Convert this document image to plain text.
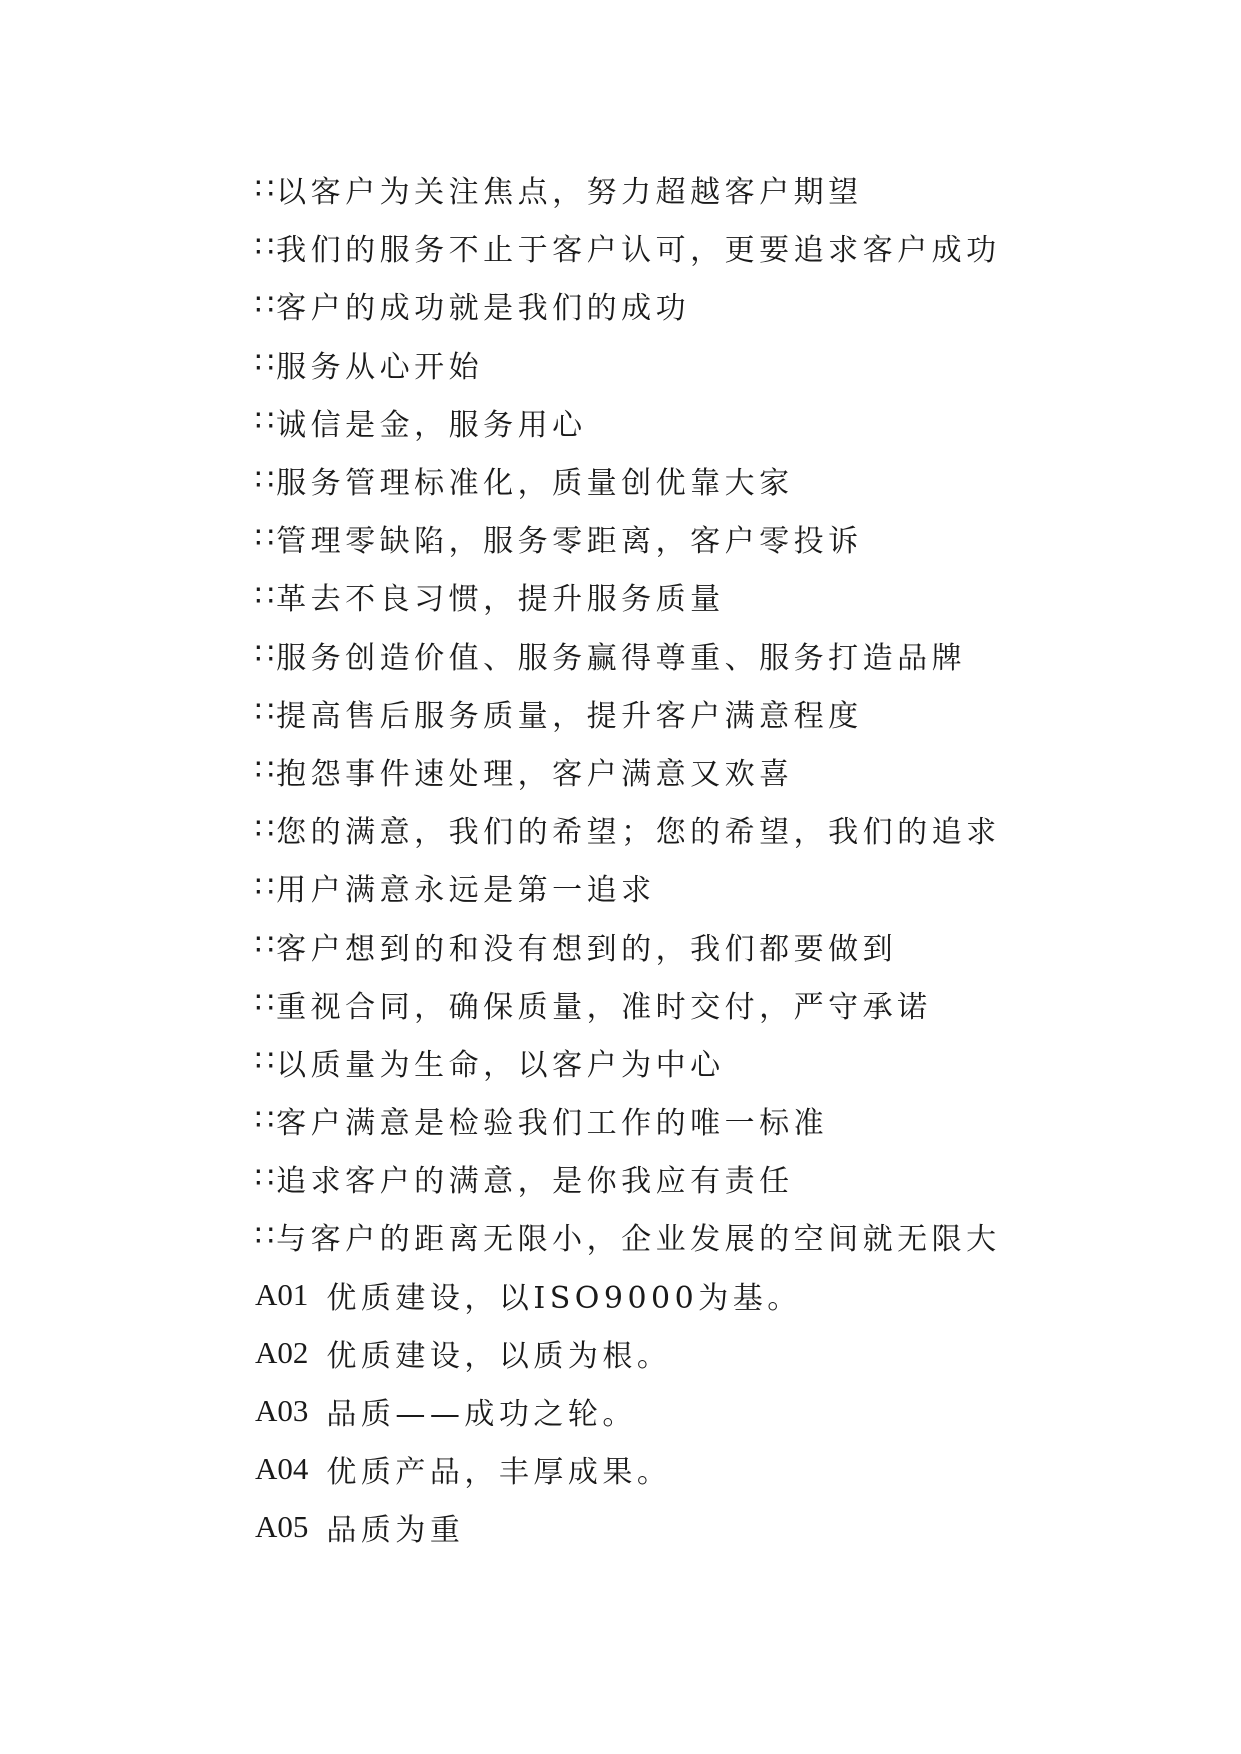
∷ 以客户为关注焦点，努力超越客户期望
∷ 我们的服务不止于客户认可，更要追求客户成功
∷ 客户的成功就是我们的成功
∷ 服务从心开始
∷ 诚信是金，服务用心
∷ 服务管理标准化，质量创优靠大家
∷ 管理零缺陷，服务零距离，客户零投诉
∷ 革去不良习惯，提升服务质量
∷ 服务创造价值、服务赢得尊重、服务打造品牌
∷ 提高售后服务质量，提升客户满意程度
∷ 抱怨事件速处理，客户满意又欢喜
∷ 您的满意，我们的希望；您的希望，我们的追求
∷ 用户满意永远是第一追求
∷ 客户想到的和没有想到的，我们都要做到
∷ 重视合同，确保质量，准时交付，严守承诺
∷ 以质量为生命，以客户为中心
∷ 客户满意是检验我们工作的唯一标准
∷ 追求客户的满意，是你我应有责任
∷ 与客户的距离无限小，企业发展的空间就无限大
A01 优质建设，以ISO9000为基。
A02 优质建设，以质为根。
A03 品质——成功之轮。
A04 优质产品，丰厚成果。
A05 品质为重
